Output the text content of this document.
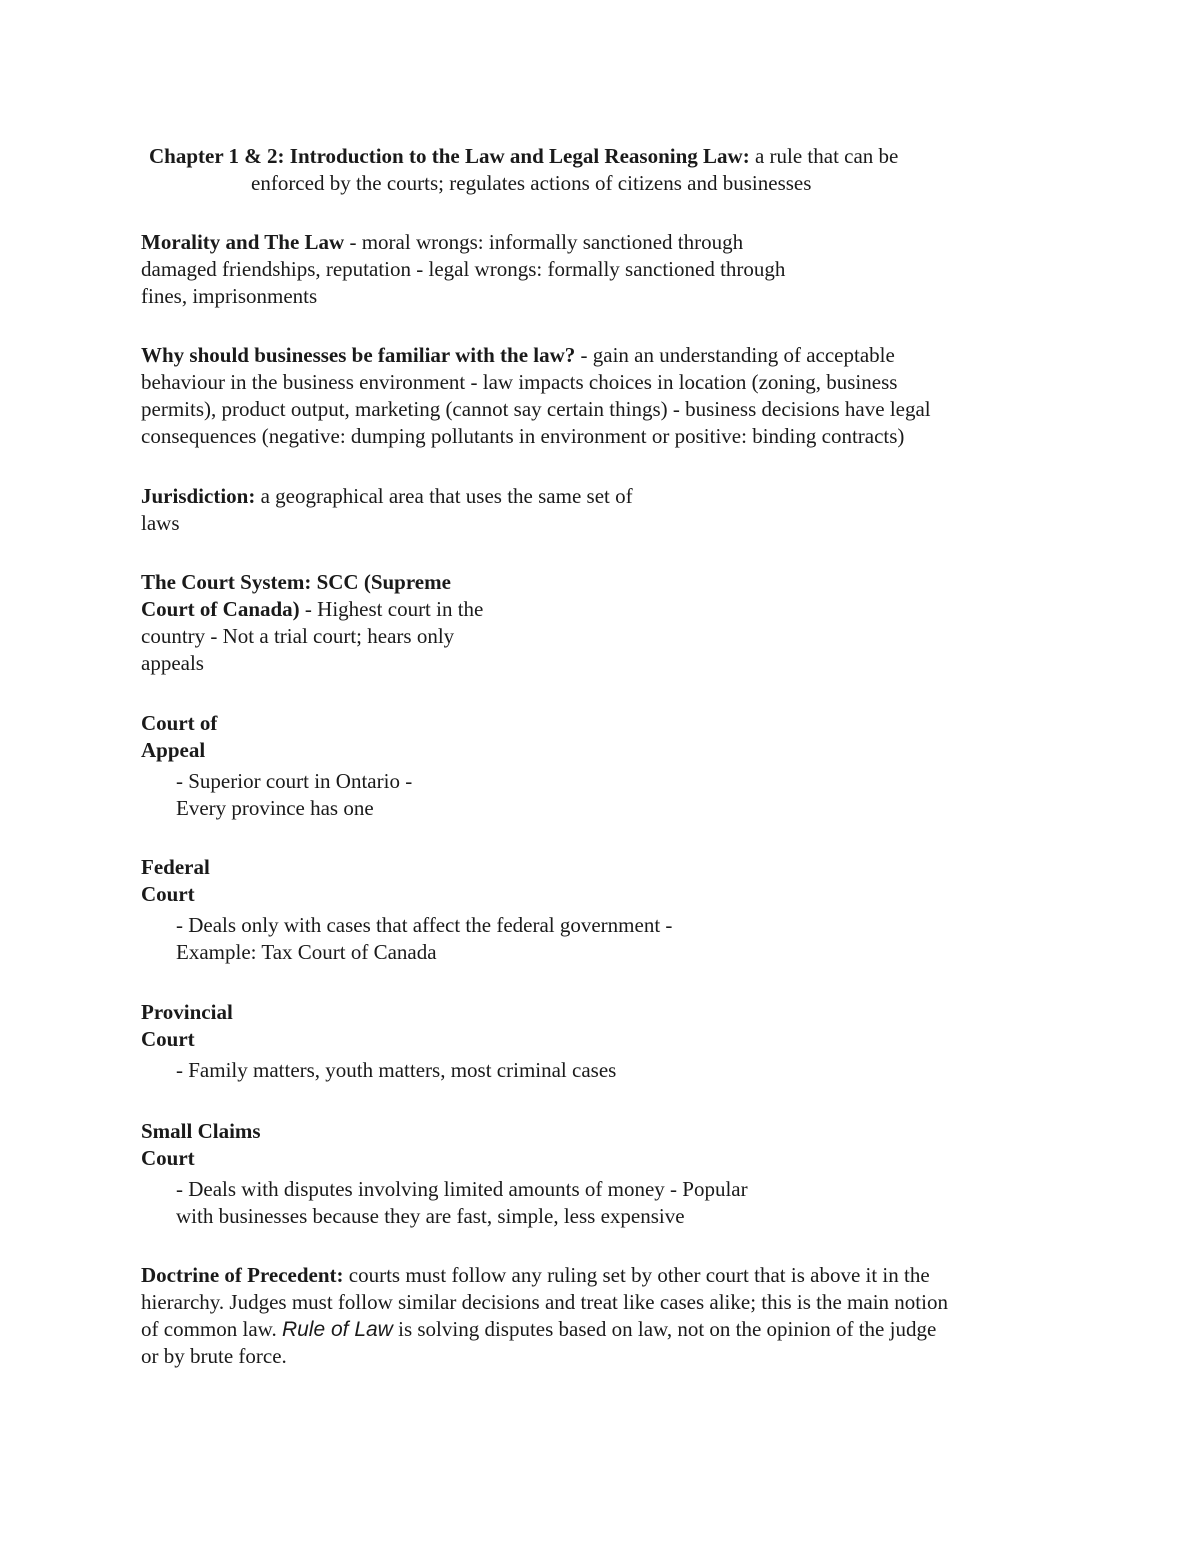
Chapter 1 & 2: Introduction to the Law and Legal Reasoning Law: a rule that can be
enforced by the courts; regulates actions of citizens and businesses
Morality and The Law - moral wrongs: informally sanctioned through
damaged friendships, reputation - legal wrongs: formally sanctioned through
fines, imprisonments
Why should businesses be familiar with the law? - gain an understanding of acceptable
behaviour in the business environment - law impacts choices in location (zoning, business
permits), product output, marketing (cannot say certain things) - business decisions have legal
consequences (negative: dumping pollutants in environment or positive: binding contracts)
Jurisdiction: a geographical area that uses the same set of
laws
The Court System: SCC (Supreme
Court of Canada) - Highest court in the
country - Not a trial court; hears only
appeals
Court of
Appeal
- Superior court in Ontario -
Every province has one
Federal
Court
- Deals only with cases that affect the federal government -
Example: Tax Court of Canada
Provincial
Court
- Family matters, youth matters, most criminal cases
Small Claims
Court
- Deals with disputes involving limited amounts of money - Popular
with businesses because they are fast, simple, less expensive
Doctrine of Precedent: courts must follow any ruling set by other court that is above it in the
hierarchy. Judges must follow similar decisions and treat like cases alike; this is the main notion
of common law. Rule of Law is solving disputes based on law, not on the opinion of the judge
or by brute force.
